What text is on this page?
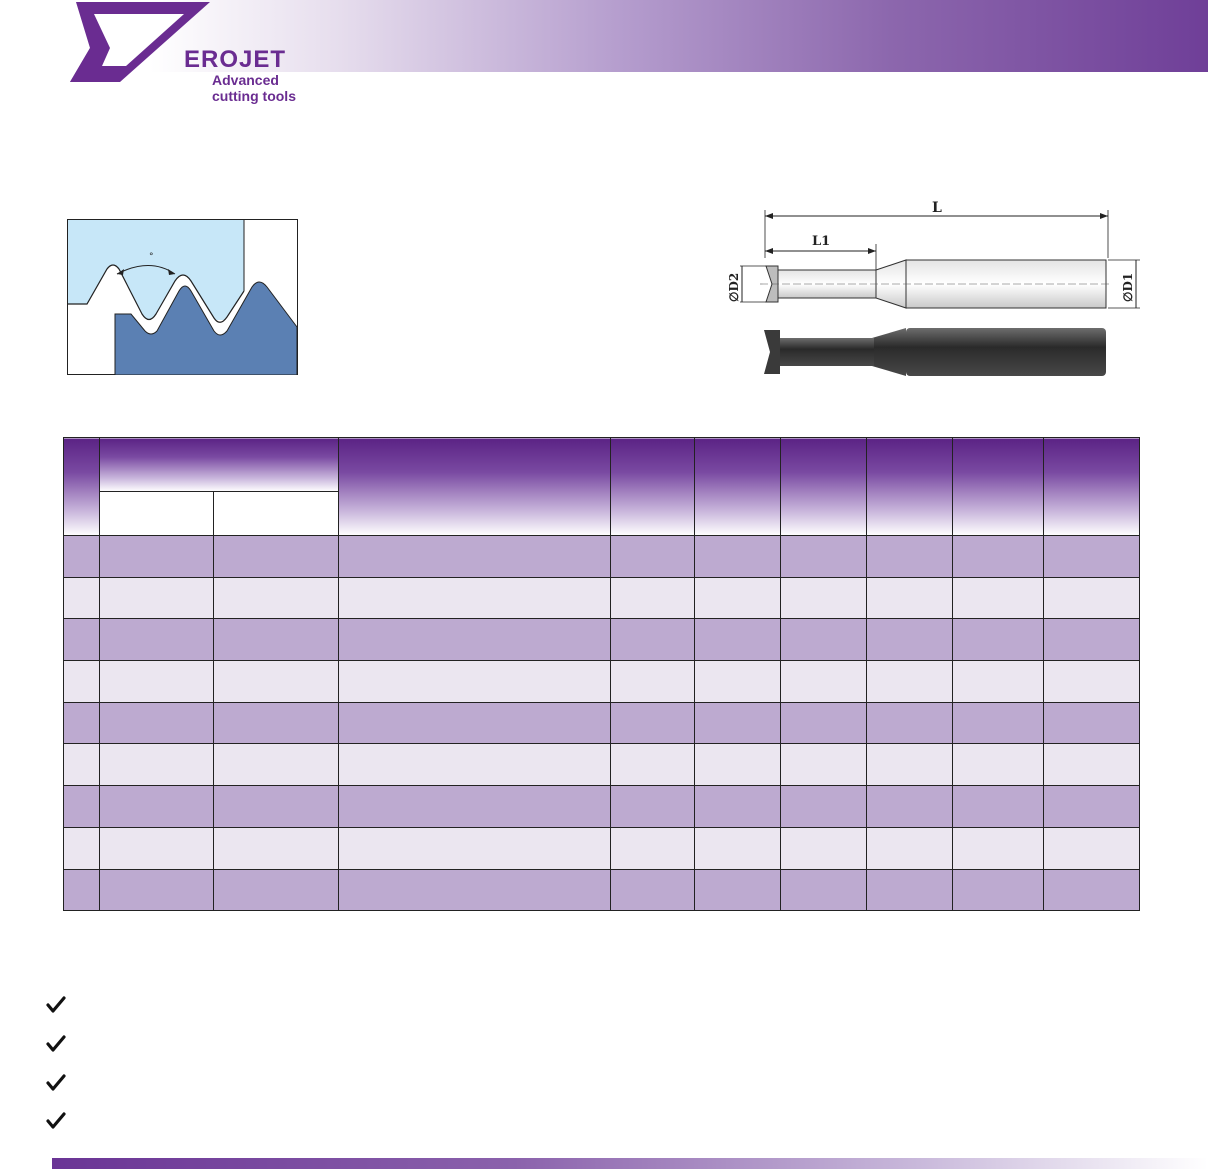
EROJET
Advanced cutting tools
°
L
L1
∅D2	∅D1
